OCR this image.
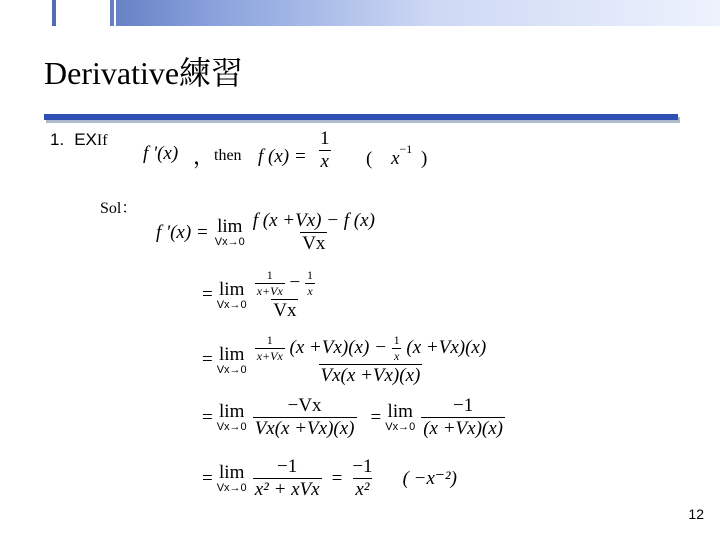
Derivative練習
1. EXIf
f '(x) ，
then f $(x) = \frac{1}{x}$ ( $x^{-1}$ )
Sol：
f '(x) = lim
$Vx\to 0 \frac{f (x +Vx) - f (x)}{Vx}$
= lim
$Vx\to 0 \frac{\frac{1}{x+Vx} - \frac{1}{x}}{Vx}$
= lim
$Vx\to 0 \frac{\frac{1}{x+Vx} (x +Vx)(x) - \frac{1}{x} (x +Vx)(x)}{Vx(x +Vx)(x)}$
= lim
$Vx\to 0 \frac{-Vx}{Vx(x +Vx)(x)} = \lim$
$Vx\to 0 \frac{-1}{(x +Vx)(x)}$
= lim
$Vx\to 0 \frac{-1}{\text{x² + xVx}} = \frac{-1}{\text{x²}}$ ( −x⁻²)
12
